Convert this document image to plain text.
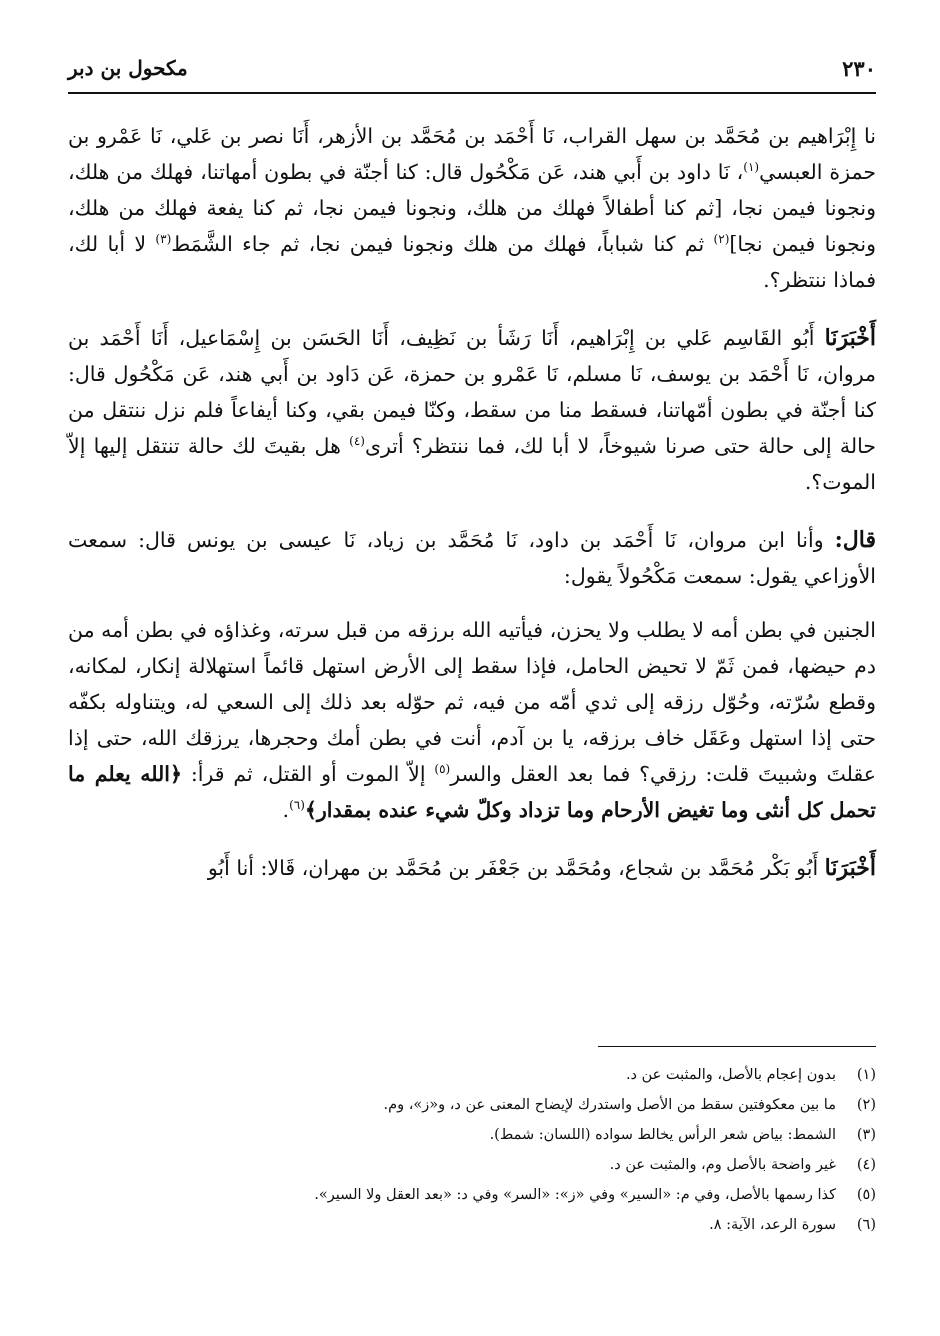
٢٣٠
مكحول بن دبر

نا إِبْرَاهيم بن مُحَمَّد بن سهل القراب، نَا أَحْمَد بن مُحَمَّد بن الأزهر، أَنَا نصر بن عَلي، نَا عَمْرو بن حمزة العبسي$^{(١)}$، نَا داود بن أَبي هند، عَن مَكْحُول قال: كنا أجنّة في بطون أمهاتنا، فهلك من هلك، ونجونا فيمن نجا، [ثم كنا أطفالاً فهلك من هلك، ونجونا فيمن نجا، ثم كنا يفعة فهلك من هلك، ونجونا فيمن نجا]$^{(٢)}$ ثم كنا شباباً، فهلك من هلك ونجونا فيمن نجا، ثم جاء الشَّمَط$^{(٣)}$ لا أبا لك، فماذا ننتظر؟.

أَخْبَرَنَا أَبُو القَاسِم عَلي بن إِبْرَاهيم، أَنَا رَشَأ بن نَظِيف، أَنَا الحَسَن بن إِسْمَاعيل، أَنَا أَحْمَد بن مروان، نَا أَحْمَد بن يوسف، نَا مسلم، نَا عَمْرو بن حمزة، عَن دَاود بن أَبي هند، عَن مَكْحُول قال: كنا أجنّة في بطون أمّهاتنا، فسقط منا من سقط، وكنّا فيمن بقي، وكنا أيفاعاً فلم نزل ننتقل من حالة إلى حالة حتى صرنا شيوخاً، لا أبا لك، فما ننتظر؟ أترى$^{(٤)}$ هل بقيتَ لك حالة تنتقل إليها إلاّ الموت؟.

قال: وأنا ابن مروان، نَا أَحْمَد بن داود، نَا مُحَمَّد بن زياد، نَا عيسى بن يونس قال: سمعت الأوزاعي يقول: سمعت مَكْحُولاً يقول:

الجنين في بطن أمه لا يطلب ولا يحزن، فيأتيه الله برزقه من قبل سرته، وغذاؤه في بطن أمه من دم حيضها، فمن ثَمّ لا تحيض الحامل، فإذا سقط إلى الأرض استهل قائماً استهلالة إنكار، لمكانه، وقطع سُرّته، وحُوّل رزقه إلى ثدي أمّه من فيه، ثم حوّله بعد ذلك إلى السعي له، ويتناوله بكفّه حتى إذا استهل وعَقَل خاف برزقه، يا بن آدم، أنت في بطن أمك وحجرها، يرزقك الله، حتى إذا عقلتَ وشبيتَ قلت: رزقي؟ فما بعد العقل والسر$^{(٥)}$ إلاّ الموت أو القتل، ثم قرأ: ﴿الله يعلم ما تحمل كل أنثى وما تغيض الأرحام وما تزداد وكلّ شيء عنده بمقدار﴾$^{(٦)}$.

أَخْبَرَنَا أَبُو بَكْر مُحَمَّد بن شجاع، ومُحَمَّد بن جَعْفَر بن مُحَمَّد بن مهران، قَالا: أنا أَبُو

(١)
بدون إعجام بالأصل، والمثبت عن د.
(٢)
ما بين معكوفتين سقط من الأصل واستدرك لإيضاح المعنى عن د، و«ز»، وم.
(٣)
الشمط: بياض شعر الرأس يخالط سواده (اللسان: شمط).
(٤)
غير واضحة بالأصل وم، والمثبت عن د.
(٥)
كذا رسمها بالأصل، وفي م: «السير» وفي «ز»: «السر» وفي د: «بعد العقل ولا السير».
(٦)
سورة الرعد، الآية: ٨.
